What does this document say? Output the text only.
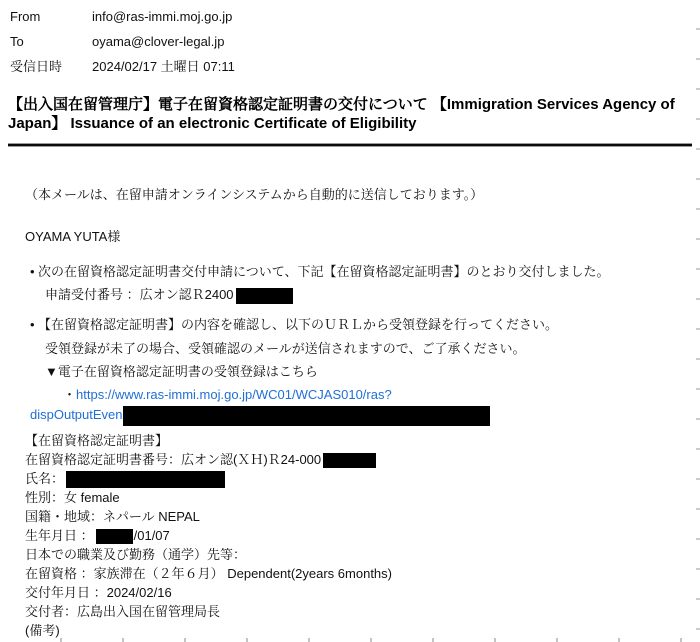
From	info@ras-immi.moj.go.jp
To	oyama@clover-legal.jp
受信日時	2024/02/17 土曜日 07:11
【出入国在留管理庁】電子在留資格認定証明書の交付について 【Immigration Services Agency of Japan】 Issuance of an electronic Certificate of Eligibility
（本メールは、在留申請オンラインシステムから自動的に送信しております。）
OYAMA YUTA様
• 次の在留資格認定証明書交付申請について、下記【在留資格認定証明書】のとおり交付しました。
申請受付番号 ：広オン認Ｒ2400
• 【在留資格認定証明書】の内容を確認し、以下のＵＲＬから受領登録を行ってください。
受領登録が未了の場合、受領確認のメールが送信されますので、ご了承ください。
▼電子在留資格認定証明書の受領登録はこちら
・https://www.ras-immi.moj.go.jp/WC01/WCJAS010/ras?
dispOutputEven
【在留資格認定証明書】
在留資格認定証明書番号：広オン認(ＸＨ)Ｒ24-000
氏名：
性別：女 female
国籍・地域：ネパール NEPAL
生年月日 ：	/01/07
日本での職業及び勤務（通学）先等：
在留資格 ：家族滞在（２年６月） Dependent(2years 6months)
交付年月日 ：2024/02/16
交付者：広島出入国在留管理局長
(備考)
